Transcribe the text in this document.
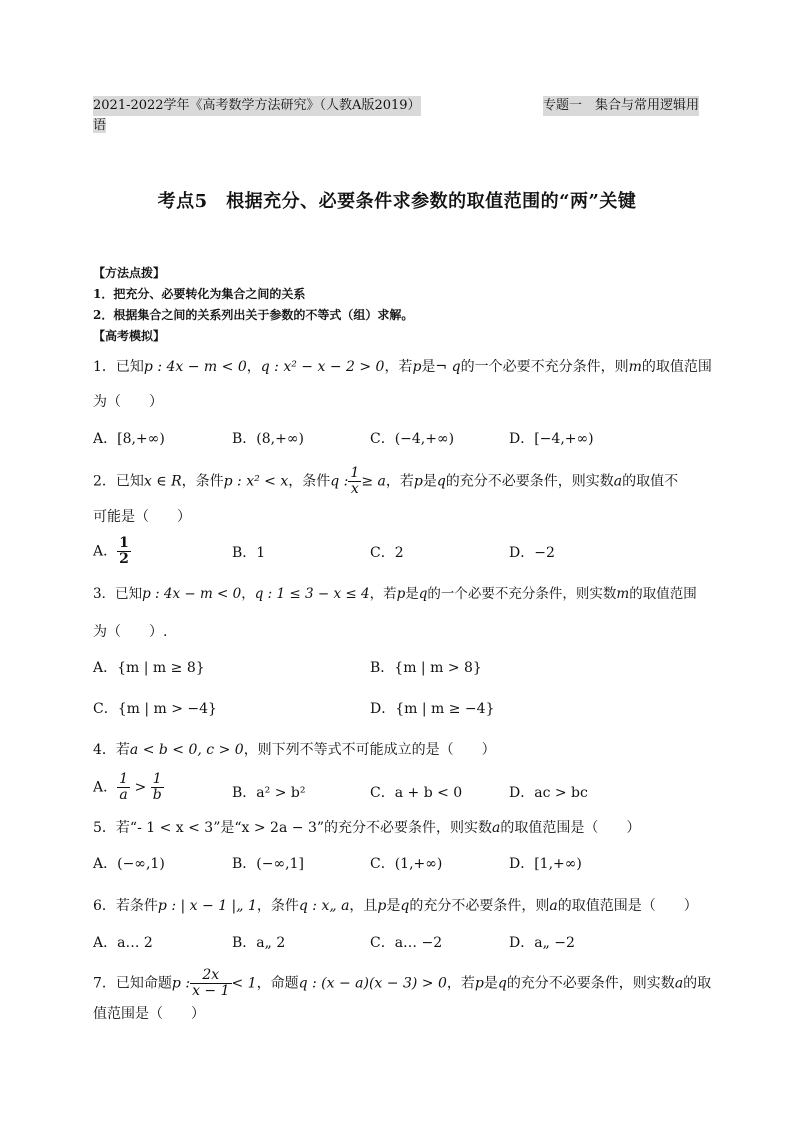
2021-2022学年《高考数学方法研究》（人教A版2019）	专题一　集合与常用逻辑用
语
考点5　根据充分、必要条件求参数的取值范围的“两”关键
【方法点拨】
1．把充分、必要转化为集合之间的关系
2．根据集合之间的关系列出关于参数的不等式（组）求解。
【高考模拟】
1．已知p : 4x − m < 0，q : x² − x − 2 > 0，若p是¬ q的一个必要不充分条件，则m的取值范围
为（　　）
A．[8,+∞)	B．(8,+∞)	C．(−4,+∞)	D．[−4,+∞)
2．已知x ∈ R，条件p : x² < x，条件q : $\frac{1}{x} \ge a$，若p是q的充分不必要条件，则实数a的取值不
可能是（　　）
A． $\frac{1}{2}$	B．1	C．2	D．−2
3．已知p : 4x − m < 0，q : 1 ≤ 3 − x ≤ 4，若p是q的一个必要不充分条件，则实数m的取值范围
为（　　）.
A．{m | m ≥ 8}	B．{m | m > 8}
C．{m | m > −4}	D．{m | m ≥ −4}
4．若a < b < 0, c > 0，则下列不等式不可能成立的是（　　）
A． $\frac{1}{a} > \frac{1}{b}$	B．a² > b²	C．a + b < 0	D．ac > bc
5．若“- 1 < x < 3”是“x > 2a − 3”的充分不必要条件，则实数a的取值范围是（　　）
A．(−∞,1)	B．(−∞,1]	C．(1,+∞)	D．[1,+∞)
6．若条件p : | x − 1 |„ 1，条件q : x„ a，且p是q的充分不必要条件，则a的取值范围是（　　）
A．a… 2	B．a„ 2	C．a… −2	D．a„ −2
7．已知命题p : $\frac{2x}{x - 1} < 1$，命题q : (x − a)(x − 3) > 0，若p是q的充分不必要条件，则实数a的取
值范围是（　　）
